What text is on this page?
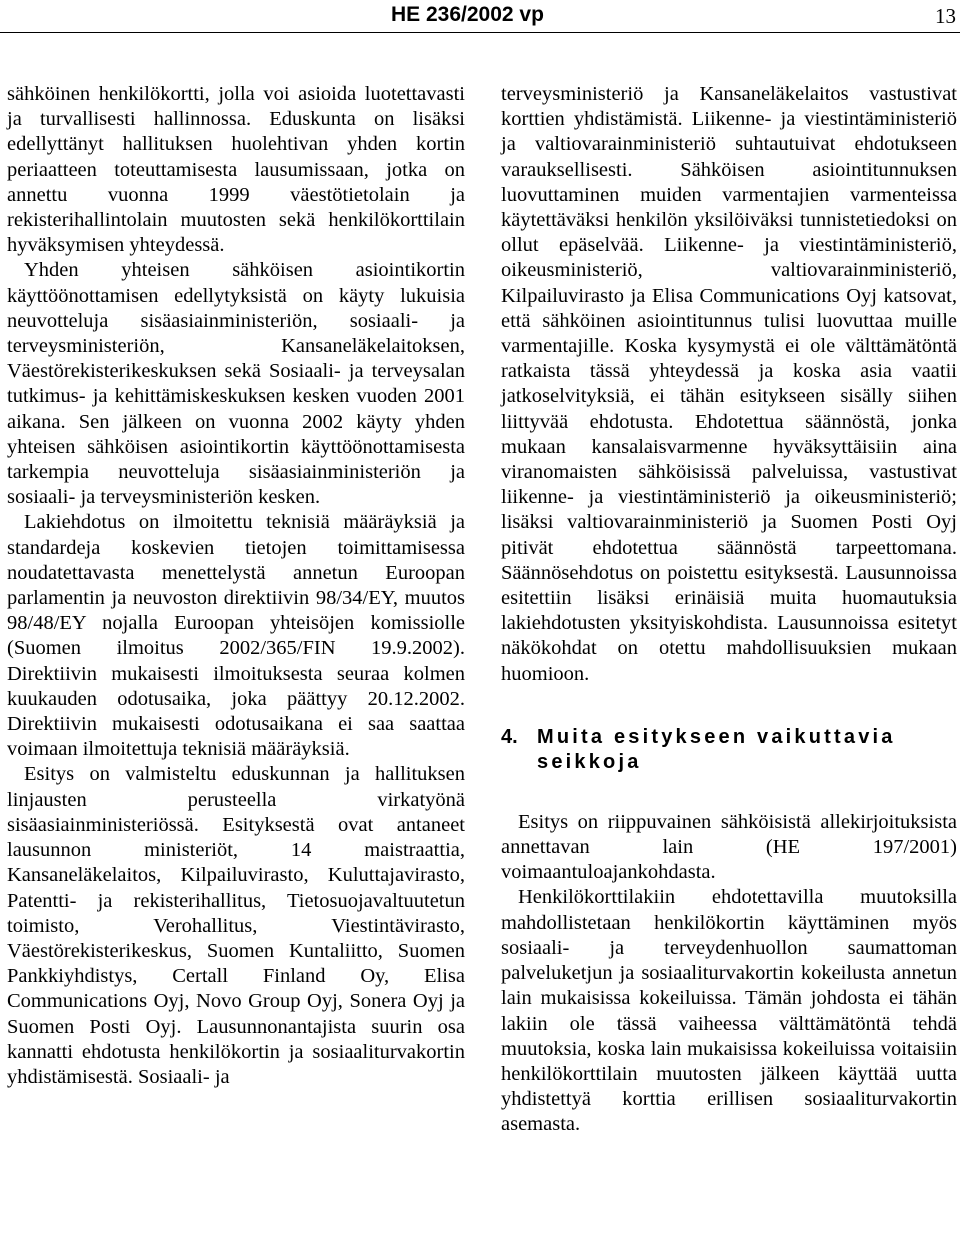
HE 236/2002 vp	13

sähköinen henkilökortti, jolla voi asioida luotettavasti ja turvallisesti hallinnossa. Eduskunta on lisäksi edellyttänyt hallituksen huolehtivan yhden kortin periaatteen toteuttamisesta lausumissaan, jotka on annettu vuonna 1999 väestötietolain ja rekisterihallintolain muutosten sekä henkilökorttilain hyväksymisen yhteydessä.

Yhden yhteisen sähköisen asiointikortin käyttöönottamisen edellytyksistä on käyty lukuisia neuvotteluja sisäasiainministeriön, sosiaali- ja terveysministeriön, Kansaneläkelaitoksen, Väestörekisterikeskuksen sekä Sosiaali- ja terveysalan tutkimus- ja kehittämiskeskuksen kesken vuoden 2001 aikana. Sen jälkeen on vuonna 2002 käyty yhden yhteisen sähköisen asiointikortin käyttöönottamisesta tarkempia neuvotteluja sisäasiainministeriön ja sosiaali- ja terveysministeriön kesken.

Lakiehdotus on ilmoitettu teknisiä määräyksiä ja standardeja koskevien tietojen toimittamisessa noudatettavasta menettelystä annetun Euroopan parlamentin ja neuvoston direktiivin 98/34/EY, muutos 98/48/EY nojalla Euroopan yhteisöjen komissiolle (Suomen ilmoitus 2002/365/FIN 19.9.2002). Direktiivin mukaisesti ilmoituksesta seuraa kolmen kuukauden odotusaika, joka päättyy 20.12.2002. Direktiivin mukaisesti odotusaikana ei saa saattaa voimaan ilmoitettuja teknisiä määräyksiä.

Esitys on valmisteltu eduskunnan ja hallituksen linjausten perusteella virkatyönä sisäasiainministeriössä. Esityksestä ovat antaneet lausunnon ministeriöt, 14 maistraattia, Kansaneläkelaitos, Kilpailuvirasto, Kuluttajavirasto, Patentti- ja rekisterihallitus, Tietosuojavaltuutetun toimisto, Verohallitus, Viestintävirasto, Väestörekisterikeskus, Suomen Kuntaliitto, Suomen Pankkiyhdistys, Certall Finland Oy, Elisa Communications Oyj, Novo Group Oyj, Sonera Oyj ja Suomen Posti Oyj. Lausunnonantajista suurin osa kannatti ehdotusta henkilökortin ja sosiaaliturvakortin yhdistämisestä. Sosiaali- ja

terveysministeriö ja Kansaneläkelaitos vastustivat korttien yhdistämistä. Liikenne- ja viestintäministeriö ja valtiovarainministeriö suhtautuivat ehdotukseen varauksellisesti. Sähköisen asiointitunnuksen luovuttaminen muiden varmentajien varmenteissa käytettäväksi henkilön yksilöiväksi tunnistetiedoksi on ollut epäselvää. Liikenne- ja viestintäministeriö, oikeusministeriö, valtiovarainministeriö, Kilpailuvirasto ja Elisa Communications Oyj katsovat, että sähköinen asiointitunnus tulisi luovuttaa muille varmentajille. Koska kysymystä ei ole välttämätöntä ratkaista tässä yhteydessä ja koska asia vaatii jatkoselvityksiä, ei tähän esitykseen sisälly siihen liittyvää ehdotusta. Ehdotettua säännöstä, jonka mukaan kansalaisvarmenne hyväksyttäisiin aina viranomaisten sähköisissä palveluissa, vastustivat liikenne- ja viestintäministeriö ja oikeusministeriö; lisäksi valtiovarainministeriö ja Suomen Posti Oyj pitivät ehdotettua säännöstä tarpeettomana. Säännösehdotus on poistettu esityksestä. Lausunnoissa esitettiin lisäksi erinäisiä muita huomautuksia lakiehdotusten yksityiskohdista. Lausunnoissa esitetyt näkökohdat on otettu mahdollisuuksien mukaan huomioon.

4. Muita esitykseen vaikuttavia
seikkoja

Esitys on riippuvainen sähköisistä allekirjoituksista annettavan lain (HE 197/2001) voimaantuloajankohdasta.

Henkilökorttilakiin ehdotettavilla muutoksilla mahdollistetaan henkilökortin käyttäminen myös sosiaali- ja terveydenhuollon saumattoman palveluketjun ja sosiaaliturvakortin kokeilusta annetun lain mukaisissa kokeiluissa. Tämän johdosta ei tähän lakiin ole tässä vaiheessa välttämätöntä tehdä muutoksia, koska lain mukaisissa kokeiluissa voitaisiin henkilökorttilain muutosten jälkeen käyttää uutta yhdistettyä korttia erillisen sosiaaliturvakortin asemasta.
